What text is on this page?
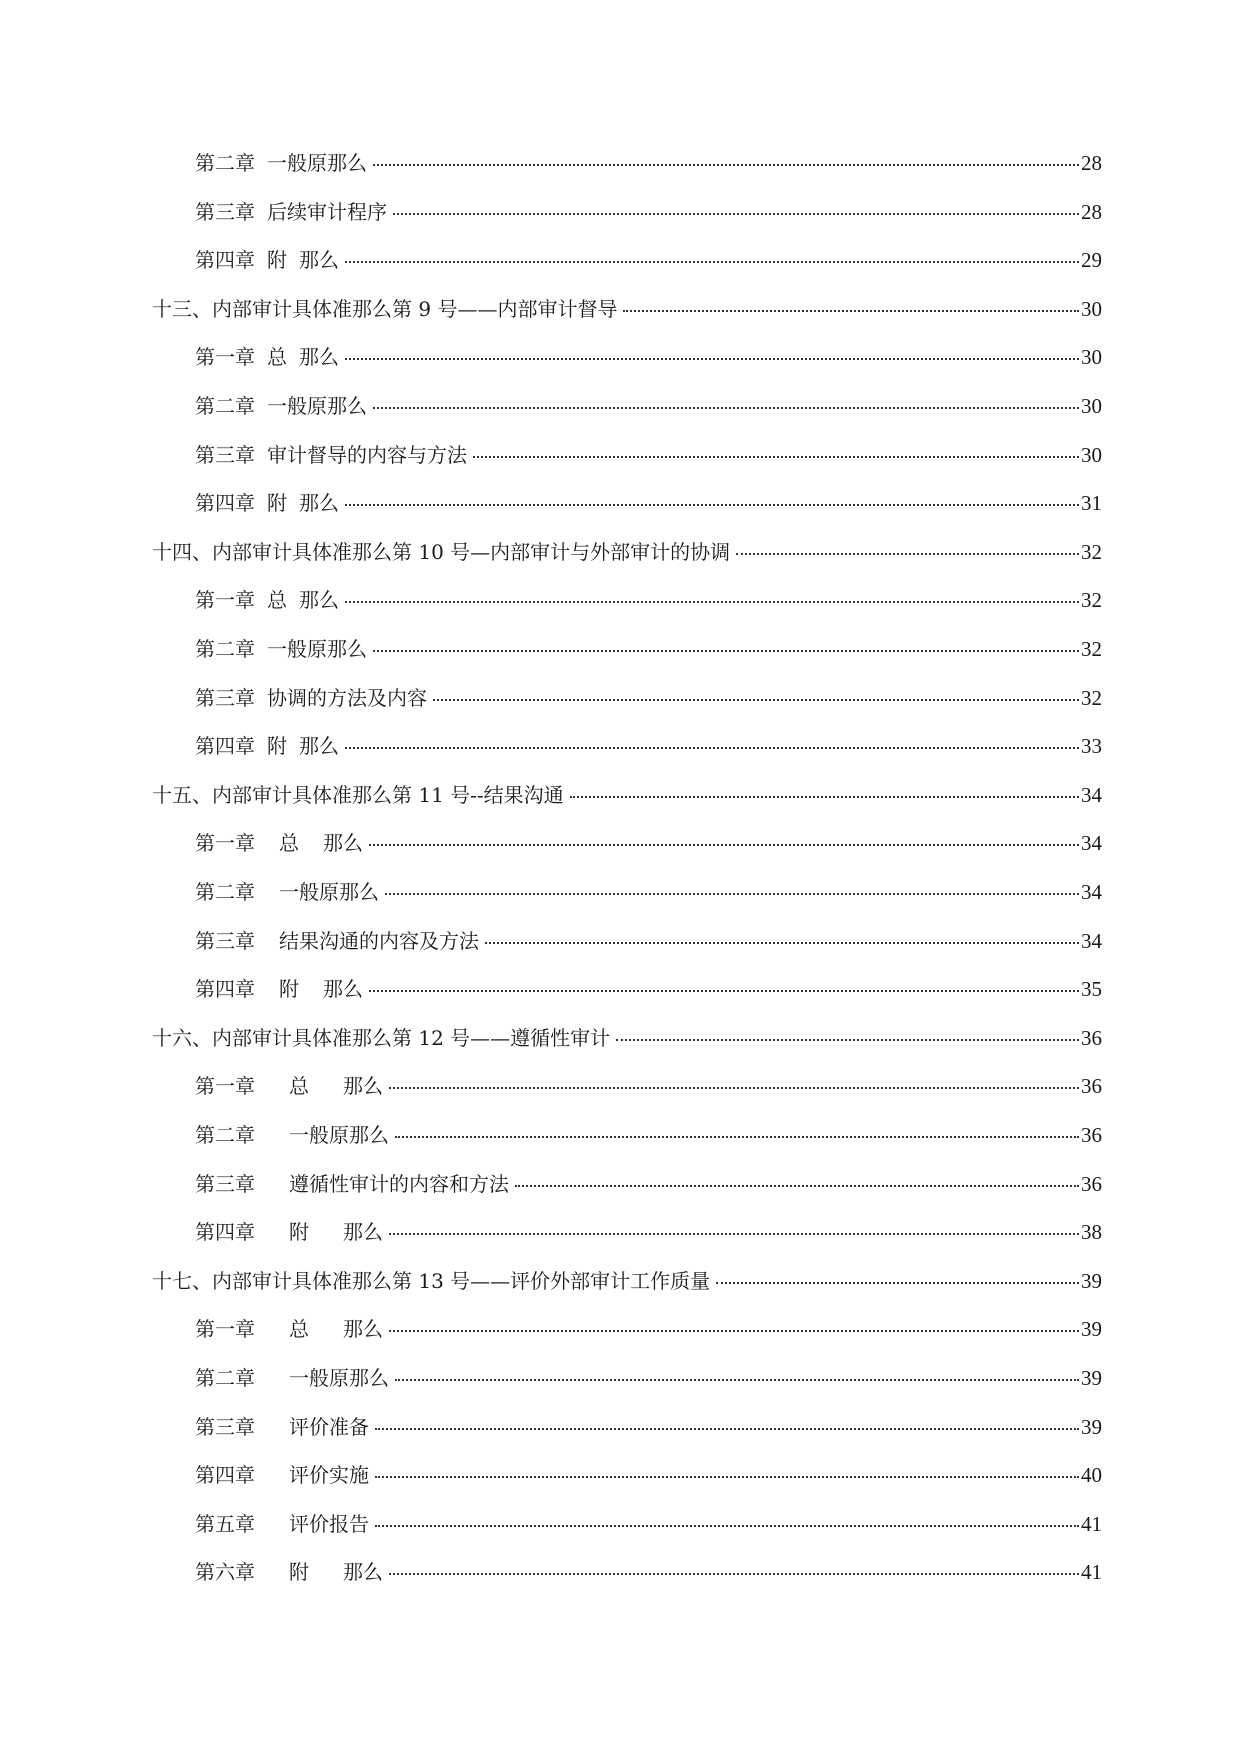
第二章 一般原那么	28
第三章 后续审计程序	28
第四章 附 那么	29
十三、内部审计具体准那么第 9 号——内部审计督导	30
第一章 总 那么	30
第二章 一般原那么	30
第三章 审计督导的内容与方法	30
第四章 附 那么	31
十四、内部审计具体准那么第 10 号—内部审计与外部审计的协调	32
第一章 总 那么	32
第二章 一般原那么	32
第三章 协调的方法及内容	32
第四章 附 那么	33
十五、内部审计具体准那么第 11 号--结果沟通	34
第一章 总 那么	34
第二章 一般原那么	34
第三章 结果沟通的内容及方法	34
第四章 附 那么	35
十六、内部审计具体准那么第 12 号——遵循性审计	36
第一章 总 那么	36
第二章 一般原那么	36
第三章 遵循性审计的内容和方法	36
第四章 附 那么	38
十七、内部审计具体准那么第 13 号——评价外部审计工作质量	39
第一章 总 那么	39
第二章 一般原那么	39
第三章 评价准备	39
第四章 评价实施	40
第五章 评价报告	41
第六章 附 那么	41
